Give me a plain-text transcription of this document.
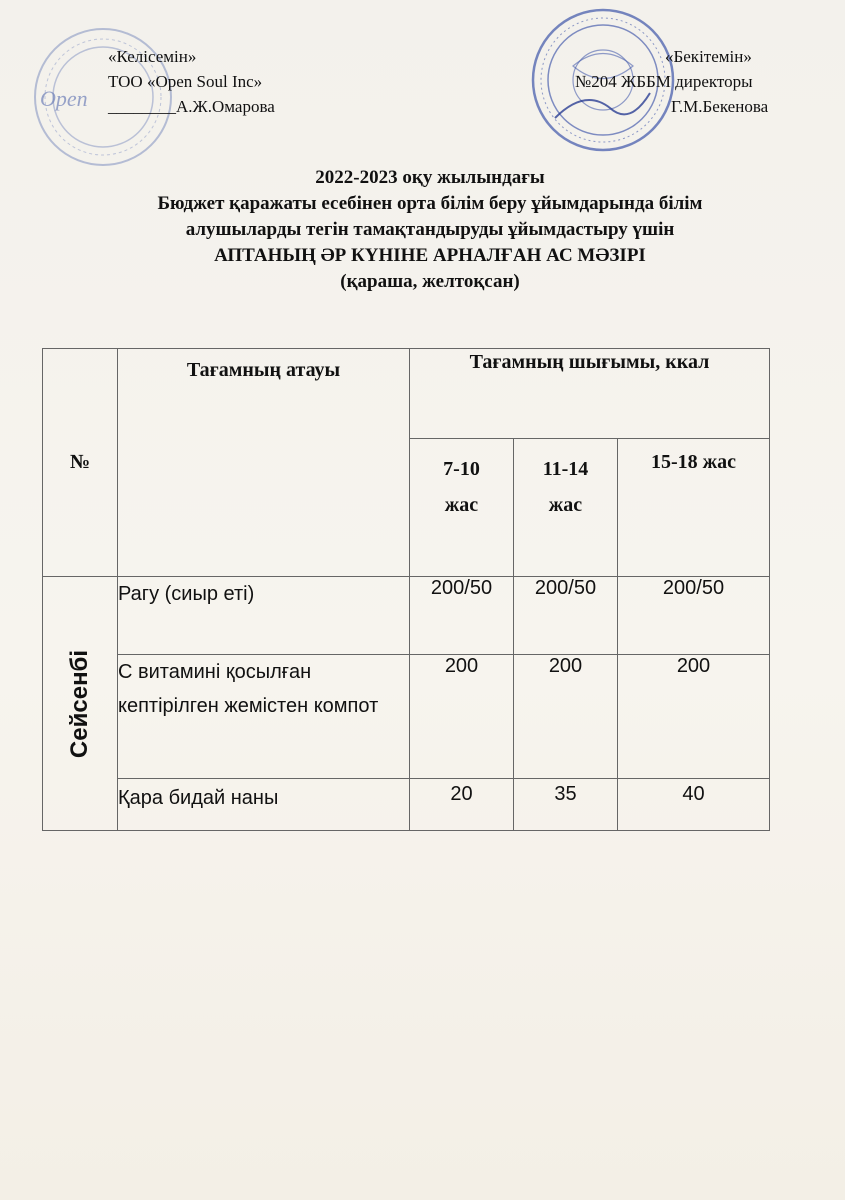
Open
«Келісемін»
ТОО «Open Soul Inc»
________А.Ж.Омарова
«Бекітемін»
№204 ЖББМ директоры
Г.М.Бекенова
2022-2023 оқу жылындағы
Бюджет қаражаты есебінен орта білім беру ұйымдарында білім
алушыларды тегін тамақтандыруды ұйымдастыру үшін
АПТАНЫҢ ӘР КҮНІНЕ АРНАЛҒАН АС МӘЗІРІ
(қараша, желтоқсан)
№	Тағамның атауы	Тағамның шығымы, ккал		
		7-10 жас	11-14 жас	15-18 жас

Сейсенбі	Рагу (сиыр еті)	200/50	200/50	200/50
	С витамині қосылған кептірілген жемістен компот	200	200	200
	Қара бидай наны	20	35	40
